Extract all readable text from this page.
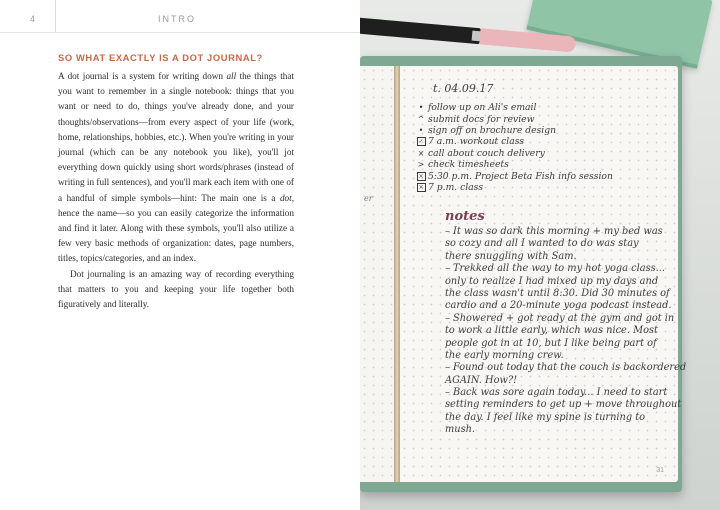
4	INTRO
SO WHAT EXACTLY IS A DOT JOURNAL?

A dot journal is a system for writing down all the things that you want to remember in a single notebook: things that you want or need to do, things you've already done, and your thoughts/observations—from every aspect of your life (work, home, relationships, hobbies, etc.). When you're writing in your journal (which can be any notebook you like), you'll jot everything down quickly using short words/phrases (instead of writing in full sentences), and you'll mark each item with one of a handful of simple symbols—hint: The main one is a dot, hence the name—so you can easily categorize the information and find it later. Along with these symbols, you'll also utilize a few very basic methods of organization: dates, page numbers, titles, topics/categories, and an index.

Dot journaling is an amazing way of recording everything that matters to you and keeping your life together both figuratively and literally.

er
t. 04.09.17
• follow up on Ali's email
^ submit docs for review
• sign off on brochure design
✓ 7 a.m. workout class
× call about couch delivery
> check timesheets
× 5:30 p.m. Project Beta Fish info session
× 7 p.m. class
notes
– It was so dark this morning + my bed was
so cozy and all I wanted to do was stay
there snuggling with Sam.
– Trekked all the way to my hot yoga class...
only to realize I had mixed up my days and
the class wasn't until 8:30. Did 30 minutes of
cardio and a 20-minute yoga podcast instead.
– Showered + got ready at the gym and got in
to work a little early, which was nice. Most
people got in at 10, but I like being part of
the early morning crew.
– Found out today that the couch is backordered
AGAIN. How?!
– Back was sore again today... I need to start
setting reminders to get up + move throughout
the day. I feel like my spine is turning to
mush.
31
